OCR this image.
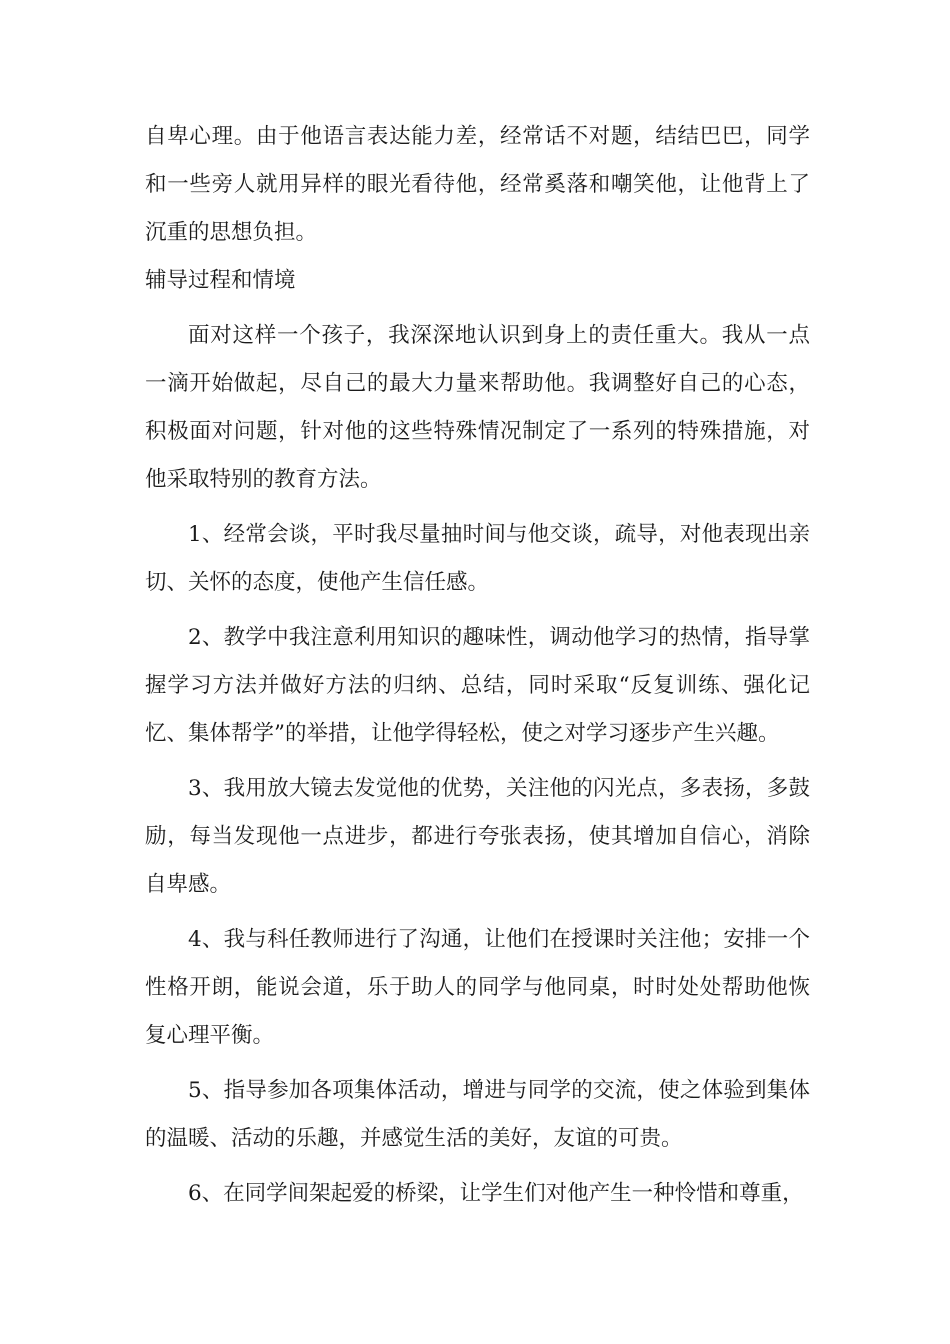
自卑心理。由于他语言表达能力差，经常话不对题，结结巴巴，同学和一些旁人就用异样的眼光看待他，经常奚落和嘲笑他，让他背上了沉重的思想负担。

辅导过程和情境

面对这样一个孩子，我深深地认识到身上的责任重大。我从一点一滴开始做起，尽自己的最大力量来帮助他。我调整好自己的心态，积极面对问题，针对他的这些特殊情况制定了一系列的特殊措施，对他采取特别的教育方法。

1、经常会谈，平时我尽量抽时间与他交谈，疏导，对他表现出亲切、关怀的态度，使他产生信任感。

2、教学中我注意利用知识的趣味性，调动他学习的热情，指导掌握学习方法并做好方法的归纳、总结，同时采取“反复训练、强化记忆、集体帮学”的举措，让他学得轻松，使之对学习逐步产生兴趣。

3、我用放大镜去发觉他的优势，关注他的闪光点，多表扬，多鼓励，每当发现他一点进步，都进行夸张表扬，使其增加自信心，消除自卑感。

4、我与科任教师进行了沟通，让他们在授课时关注他；安排一个性格开朗，能说会道，乐于助人的同学与他同桌，时时处处帮助他恢复心理平衡。

5、指导参加各项集体活动，增进与同学的交流，使之体验到集体的温暖、活动的乐趣，并感觉生活的美好，友谊的可贵。

6、在同学间架起爱的桥梁，让学生们对他产生一种怜惜和尊重，
